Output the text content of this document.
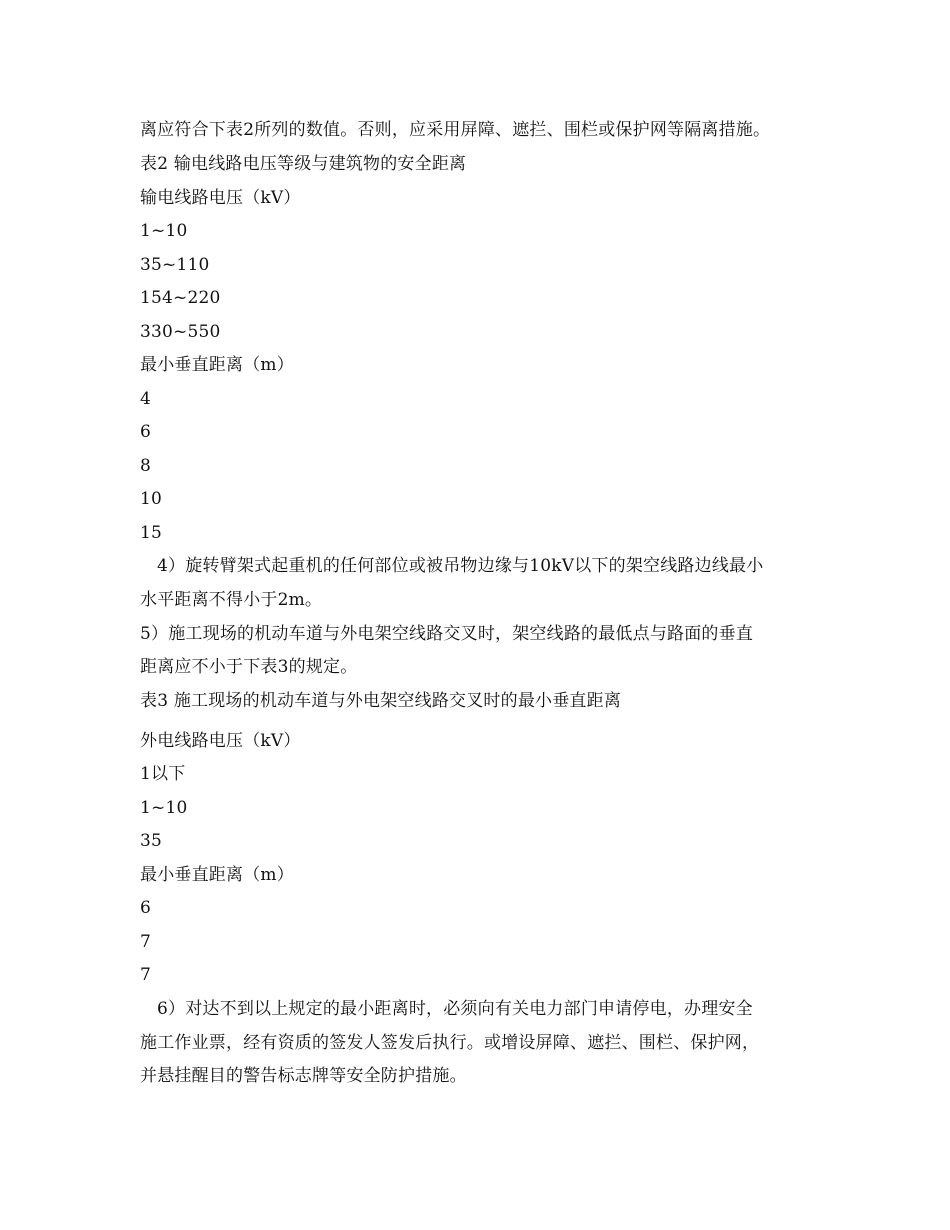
离应符合下表2所列的数值。否则，应采用屏障、遮拦、围栏或保护网等隔离措施。
表2 输电线路电压等级与建筑物的安全距离
输电线路电压（kV）
1~10
35~110
154~220
330~550
最小垂直距离（m）
4
6
8
10
15
4）旋转臂架式起重机的任何部位或被吊物边缘与10kV以下的架空线路边线最小
水平距离不得小于2m。
5）施工现场的机动车道与外电架空线路交叉时，架空线路的最低点与路面的垂直
距离应不小于下表3的规定。
表3 施工现场的机动车道与外电架空线路交叉时的最小垂直距离
外电线路电压（kV）
1以下
1~10
35
最小垂直距离（m）
6
7
7
6）对达不到以上规定的最小距离时，必须向有关电力部门申请停电，办理安全
施工作业票，经有资质的签发人签发后执行。或增设屏障、遮拦、围栏、保护网，
并悬挂醒目的警告标志牌等安全防护措施。
